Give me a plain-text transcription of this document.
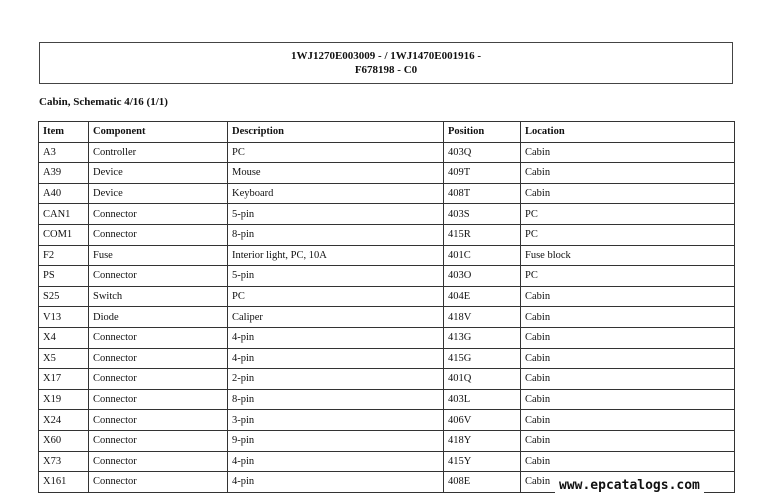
1WJ1270E003009 - / 1WJ1470E001916 -
F678198 - C0
Cabin, Schematic 4/16 (1/1)
Item	Component	Description	Position	Location
A3	Controller	PC	403Q	Cabin
A39	Device	Mouse	409T	Cabin
A40	Device	Keyboard	408T	Cabin
CAN1	Connector	5-pin	403S	PC
COM1	Connector	8-pin	415R	PC
F2	Fuse	Interior light, PC, 10A	401C	Fuse block
PS	Connector	5-pin	403O	PC
S25	Switch	PC	404E	Cabin
V13	Diode	Caliper	418V	Cabin
X4	Connector	4-pin	413G	Cabin
X5	Connector	4-pin	415G	Cabin
X17	Connector	2-pin	401Q	Cabin
X19	Connector	8-pin	403L	Cabin
X24	Connector	3-pin	406V	Cabin
X60	Connector	9-pin	418Y	Cabin
X73	Connector	4-pin	415Y	Cabin
X161	Connector	4-pin	408E	Cabin www.epcatalogs.com
